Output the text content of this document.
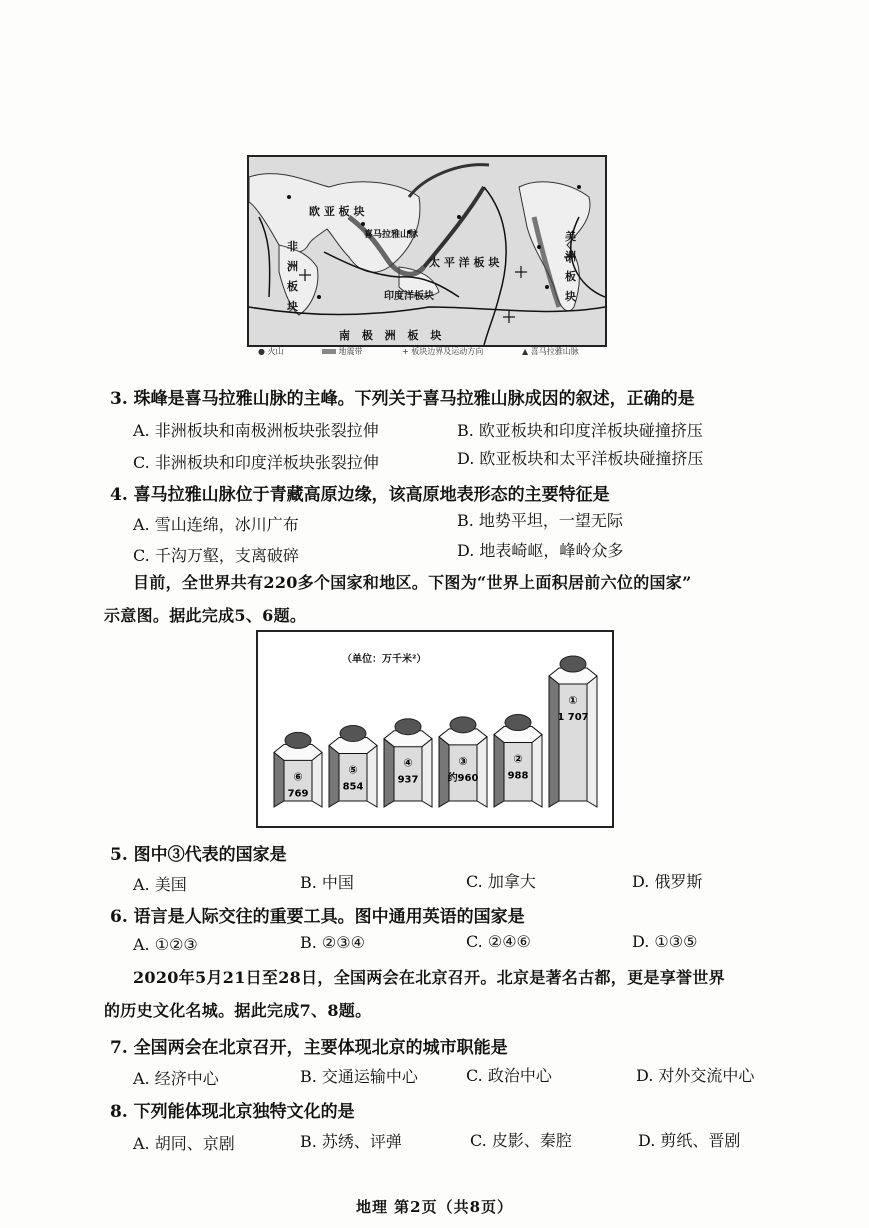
欧 亚 板 块
喜马拉雅山脉
非 洲 板 块
太 平 洋 板 块
印度洋板块
南 极 洲 板 块
美 洲 板 块
● 火山	地震带	+ 板块边界及运动方向	▲ 喜马拉雅山脉
3. 珠峰是喜马拉雅山脉的主峰。下列关于喜马拉雅山脉成因的叙述，正确的是
A. 非洲板块和南极洲板块张裂拉伸	B. 欧亚板块和印度洋板块碰撞挤压
C. 非洲板块和印度洋板块张裂拉伸	D. 欧亚板块和太平洋板块碰撞挤压
4. 喜马拉雅山脉位于青藏高原边缘，该高原地表形态的主要特征是
A. 雪山连绵，冰川广布	B. 地势平坦，一望无际
C. 千沟万壑，支离破碎	D. 地表崎岖，峰岭众多
目前，全世界共有220多个国家和地区。下图为“世界上面积居前六位的国家”
示意图。据此完成5、6题。
（单位：万千米²）
⑥
769
⑤
854
④
937
③
约960
②
988
①
1 707
5. 图中③代表的国家是
A. 美国	B. 中国	C. 加拿大	D. 俄罗斯
6. 语言是人际交往的重要工具。图中通用英语的国家是
A. ①②③	B. ②③④	C. ②④⑥	D. ①③⑤
2020年5月21日至28日，全国两会在北京召开。北京是著名古都，更是享誉世界
的历史文化名城。据此完成7、8题。
7. 全国两会在北京召开，主要体现北京的城市职能是
A. 经济中心	B. 交通运输中心	C. 政治中心	D. 对外交流中心
8. 下列能体现北京独特文化的是
A. 胡同、京剧	B. 苏绣、评弹	C. 皮影、秦腔	D. 剪纸、晋剧
地理 第2页（共8页）
